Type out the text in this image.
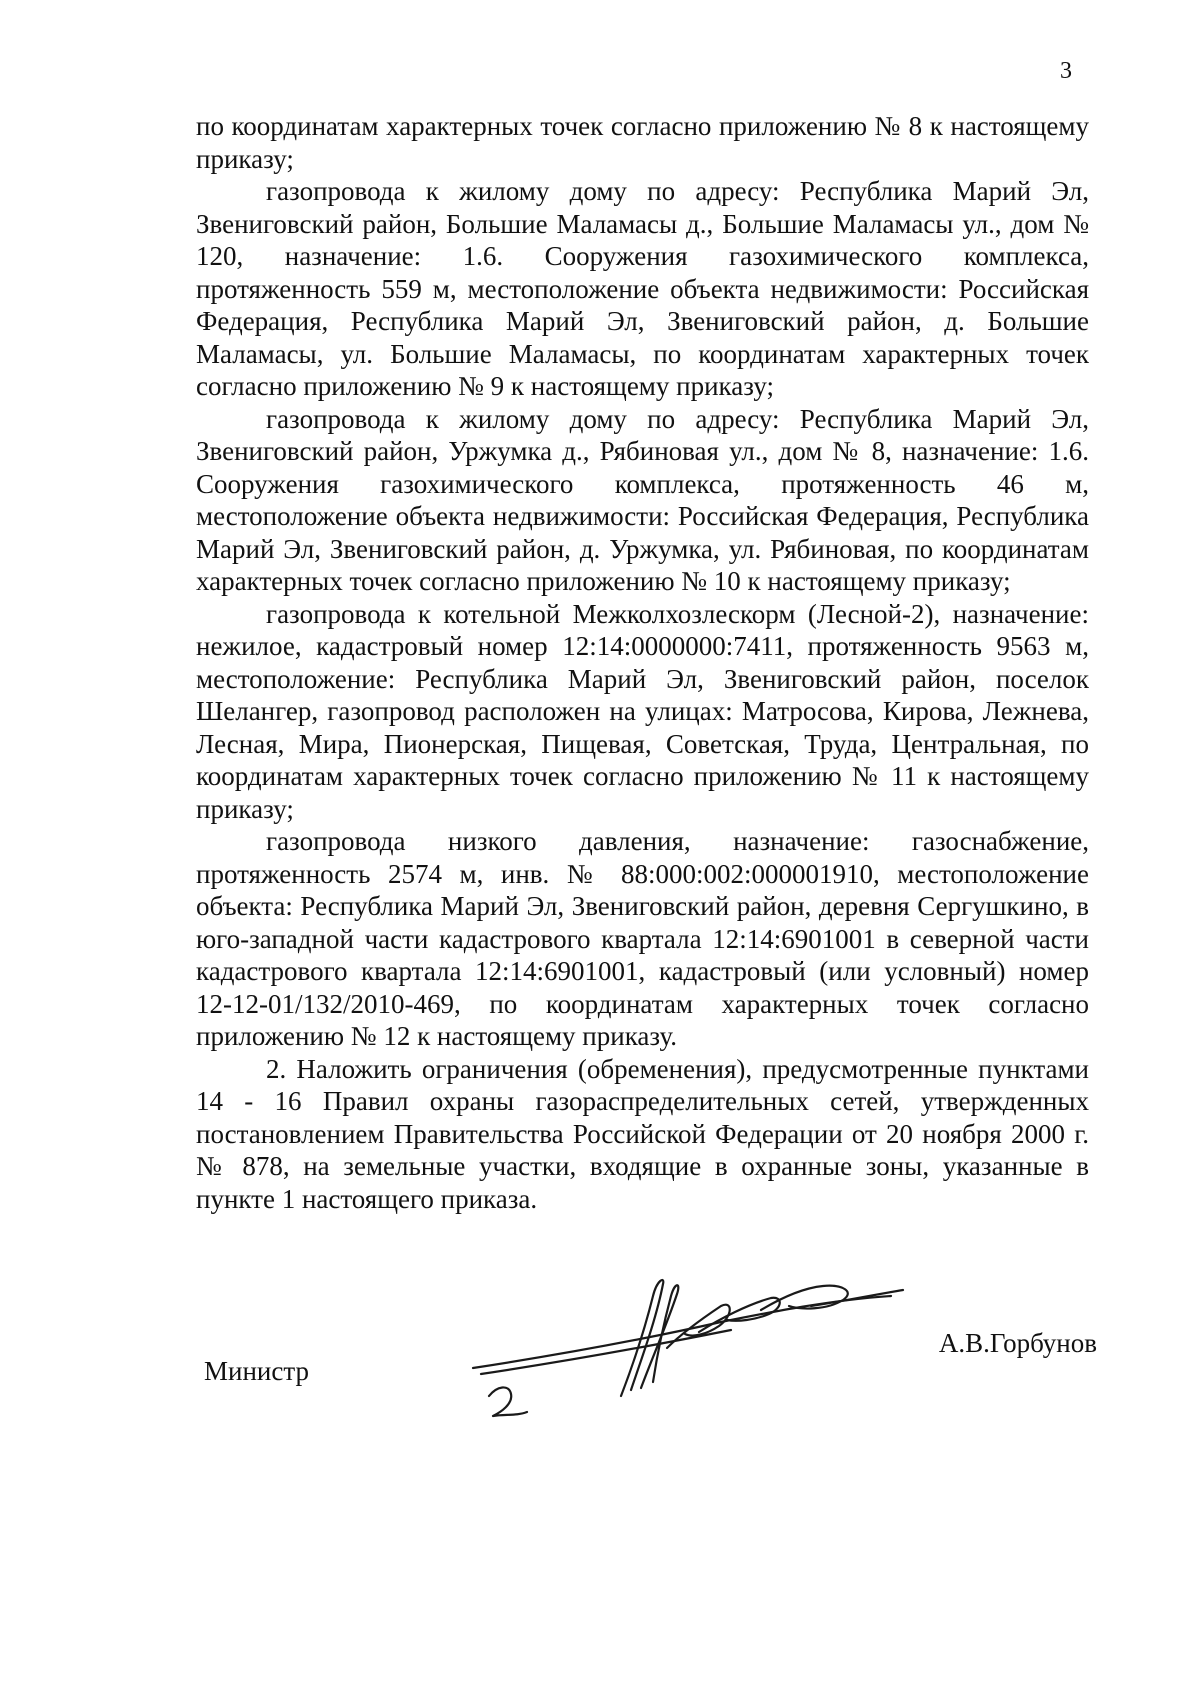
3

по координатам характерных точек согласно приложению № 8 к настоящему приказу;

газопровода к жилому дому по адресу: Республика Марий Эл, Звениговский район, Большие Маламасы д., Большие Маламасы ул., дом № 120, назначение: 1.6. Сооружения газохимического комплекса, протяженность 559 м, местоположение объекта недвижимости: Российская Федерация, Республика Марий Эл, Звениговский район, д. Большие Маламасы, ул. Большие Маламасы, по координатам характерных точек согласно приложению № 9 к настоящему приказу;

газопровода к жилому дому по адресу: Республика Марий Эл, Звениговский район, Уржумка д., Рябиновая ул., дом № 8, назначение: 1.6. Сооружения газохимического комплекса, протяженность 46 м, местоположение объекта недвижимости: Российская Федерация, Республика Марий Эл, Звениговский район, д. Уржумка, ул. Рябиновая, по координатам характерных точек согласно приложению № 10 к настоящему приказу;

газопровода к котельной Межколхозлескорм (Лесной-2), назначение: нежилое, кадастровый номер 12:14:0000000:7411, протяженность 9563 м, местоположение: Республика Марий Эл, Звениговский район, поселок Шелангер, газопровод расположен на улицах: Матросова, Кирова, Лежнева, Лесная, Мира, Пионерская, Пищевая, Советская, Труда, Центральная, по координатам характерных точек согласно приложению № 11 к настоящему приказу;

газопровода низкого давления, назначение: газоснабжение, протяженность 2574 м, инв. № 88:000:002:000001910, местоположение объекта: Республика Марий Эл, Звениговский район, деревня Сергушкино, в юго-западной части кадастрового квартала 12:14:6901001 в северной части кадастрового квартала 12:14:6901001, кадастровый (или условный) номер 12-12-01/132/2010-469, по координатам характерных точек согласно приложению № 12 к настоящему приказу.

2. Наложить ограничения (обременения), предусмотренные пунктами 14 - 16 Правил охраны газораспределительных сетей, утвержденных постановлением Правительства Российской Федерации от 20 ноября 2000 г. № 878, на земельные участки, входящие в охранные зоны, указанные в пункте 1 настоящего приказа.

Министр
А.В.Горбунов
